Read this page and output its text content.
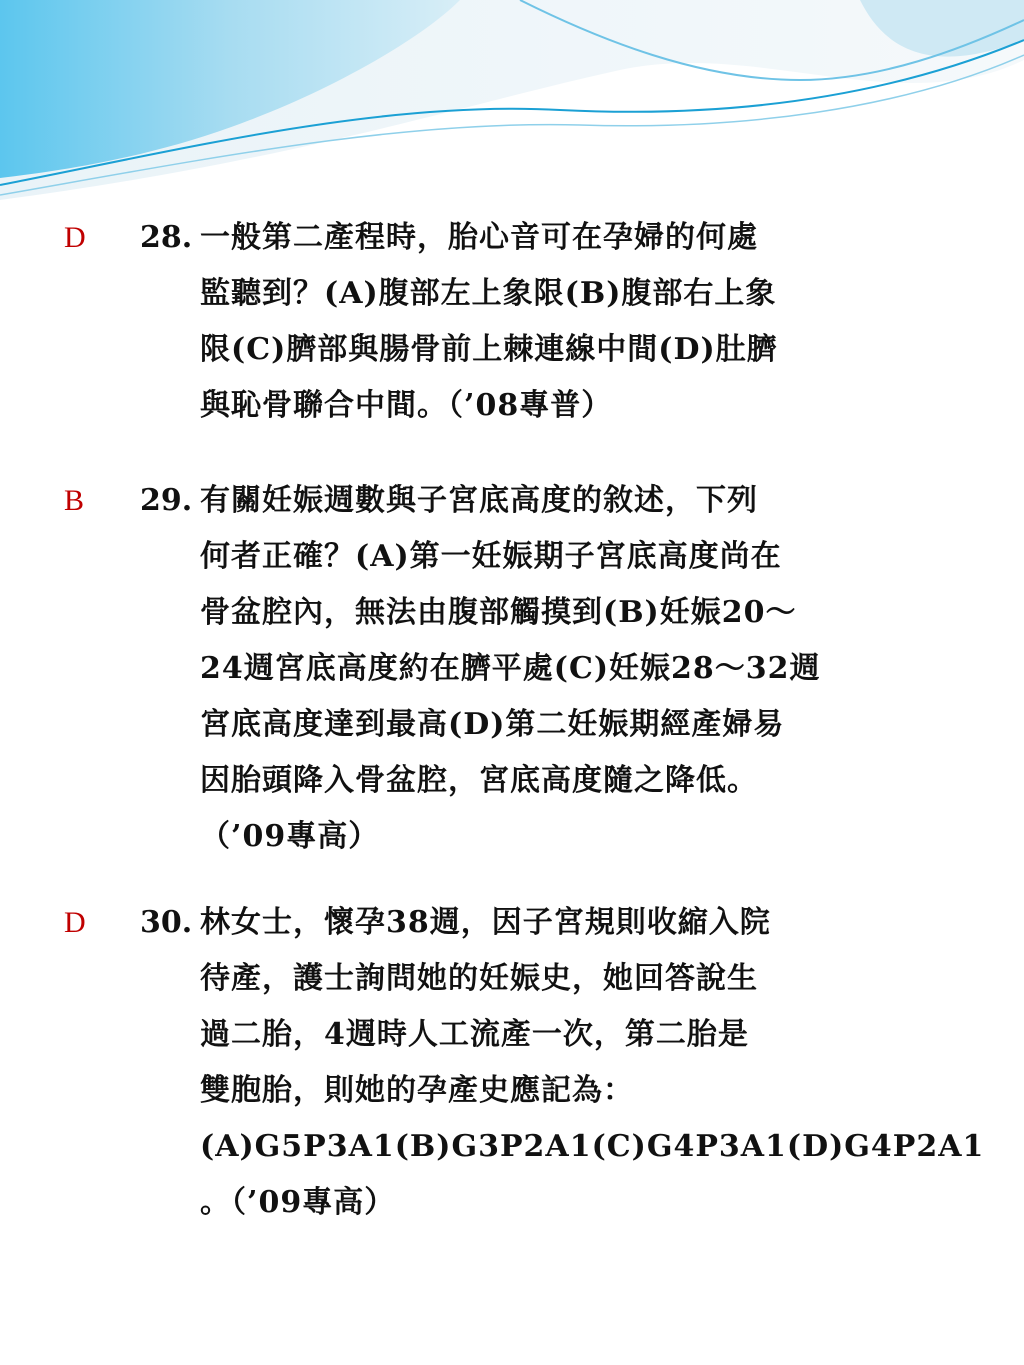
D 28. 一般第二產程時，胎心音可在孕婦的何處
監聽到？(A)腹部左上象限(B)腹部右上象
限(C)臍部與腸骨前上棘連線中間(D)肚臍
與恥骨聯合中間。（’08專普）
B 29. 有關妊娠週數與子宮底高度的敘述，下列
何者正確？(A)第一妊娠期子宮底高度尚在
骨盆腔內，無法由腹部觸摸到(B)妊娠20～
24週宮底高度約在臍平處(C)妊娠28～32週
宮底高度達到最高(D)第二妊娠期經產婦易
因胎頭降入骨盆腔，宮底高度隨之降低。
（’09專高）
D 30. 林女士，懷孕38週，因子宮規則收縮入院
待產，護士詢問她的妊娠史，她回答說生
過二胎，4週時人工流產一次，第二胎是
雙胞胎，則她的孕產史應記為：
(A)G5P3A1(B)G3P2A1(C)G4P3A1(D)G4P2A1
。（’09專高）
